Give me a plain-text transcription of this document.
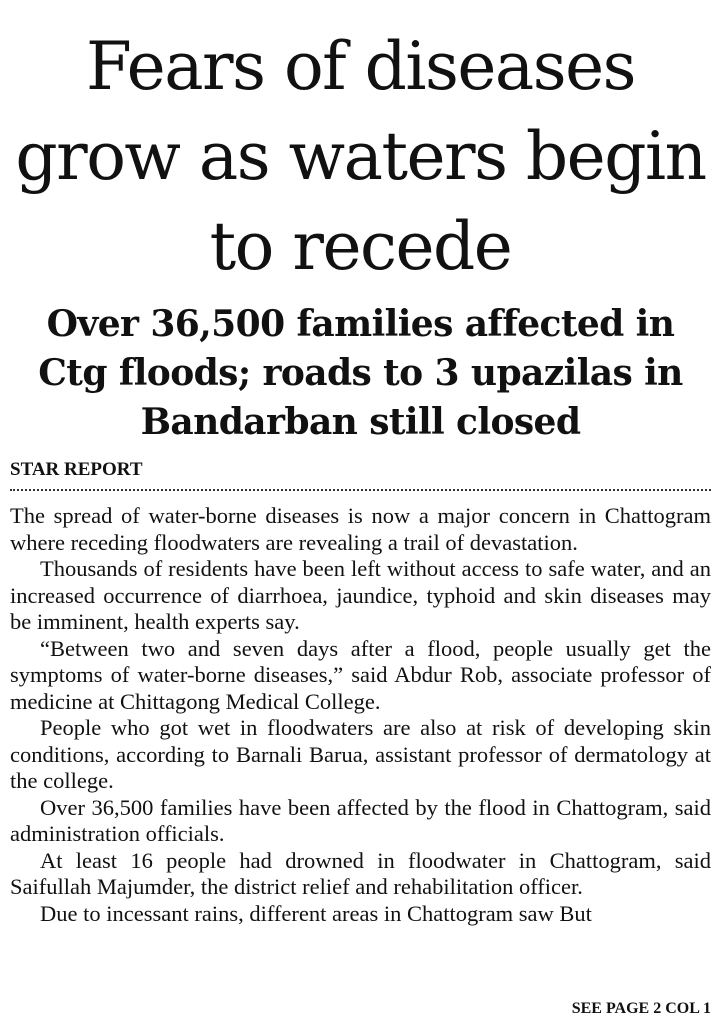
Fears of diseases grow as waters begin to recede
Over 36,500 families affected in Ctg floods; roads to 3 upazilas in Bandarban still closed
STAR REPORT

The spread of water-borne diseases is now a major concern in Chattogram where receding floodwaters are revealing a trail of devastation.

Thousands of residents have been left without access to safe water, and an increased occurrence of diarrhoea, jaundice, typhoid and skin diseases may be imminent, health experts say.

“Between two and seven days after a flood, people usually get the symptoms of water-borne diseases,” said Abdur Rob, associate professor of medicine at Chittagong Medical College.

People who got wet in floodwaters are also at risk of developing skin conditions, according to Barnali Barua, assistant professor of dermatology at the college.

Over 36,500 families have been affected by the flood in Chattogram, said administration officials.

At least 16 people had drowned in floodwater in Chattogram, said Saifullah Majumder, the district relief and rehabilitation officer.

Due to incessant rains, different areas in Chattogram saw But

SEE PAGE 2 COL 1
